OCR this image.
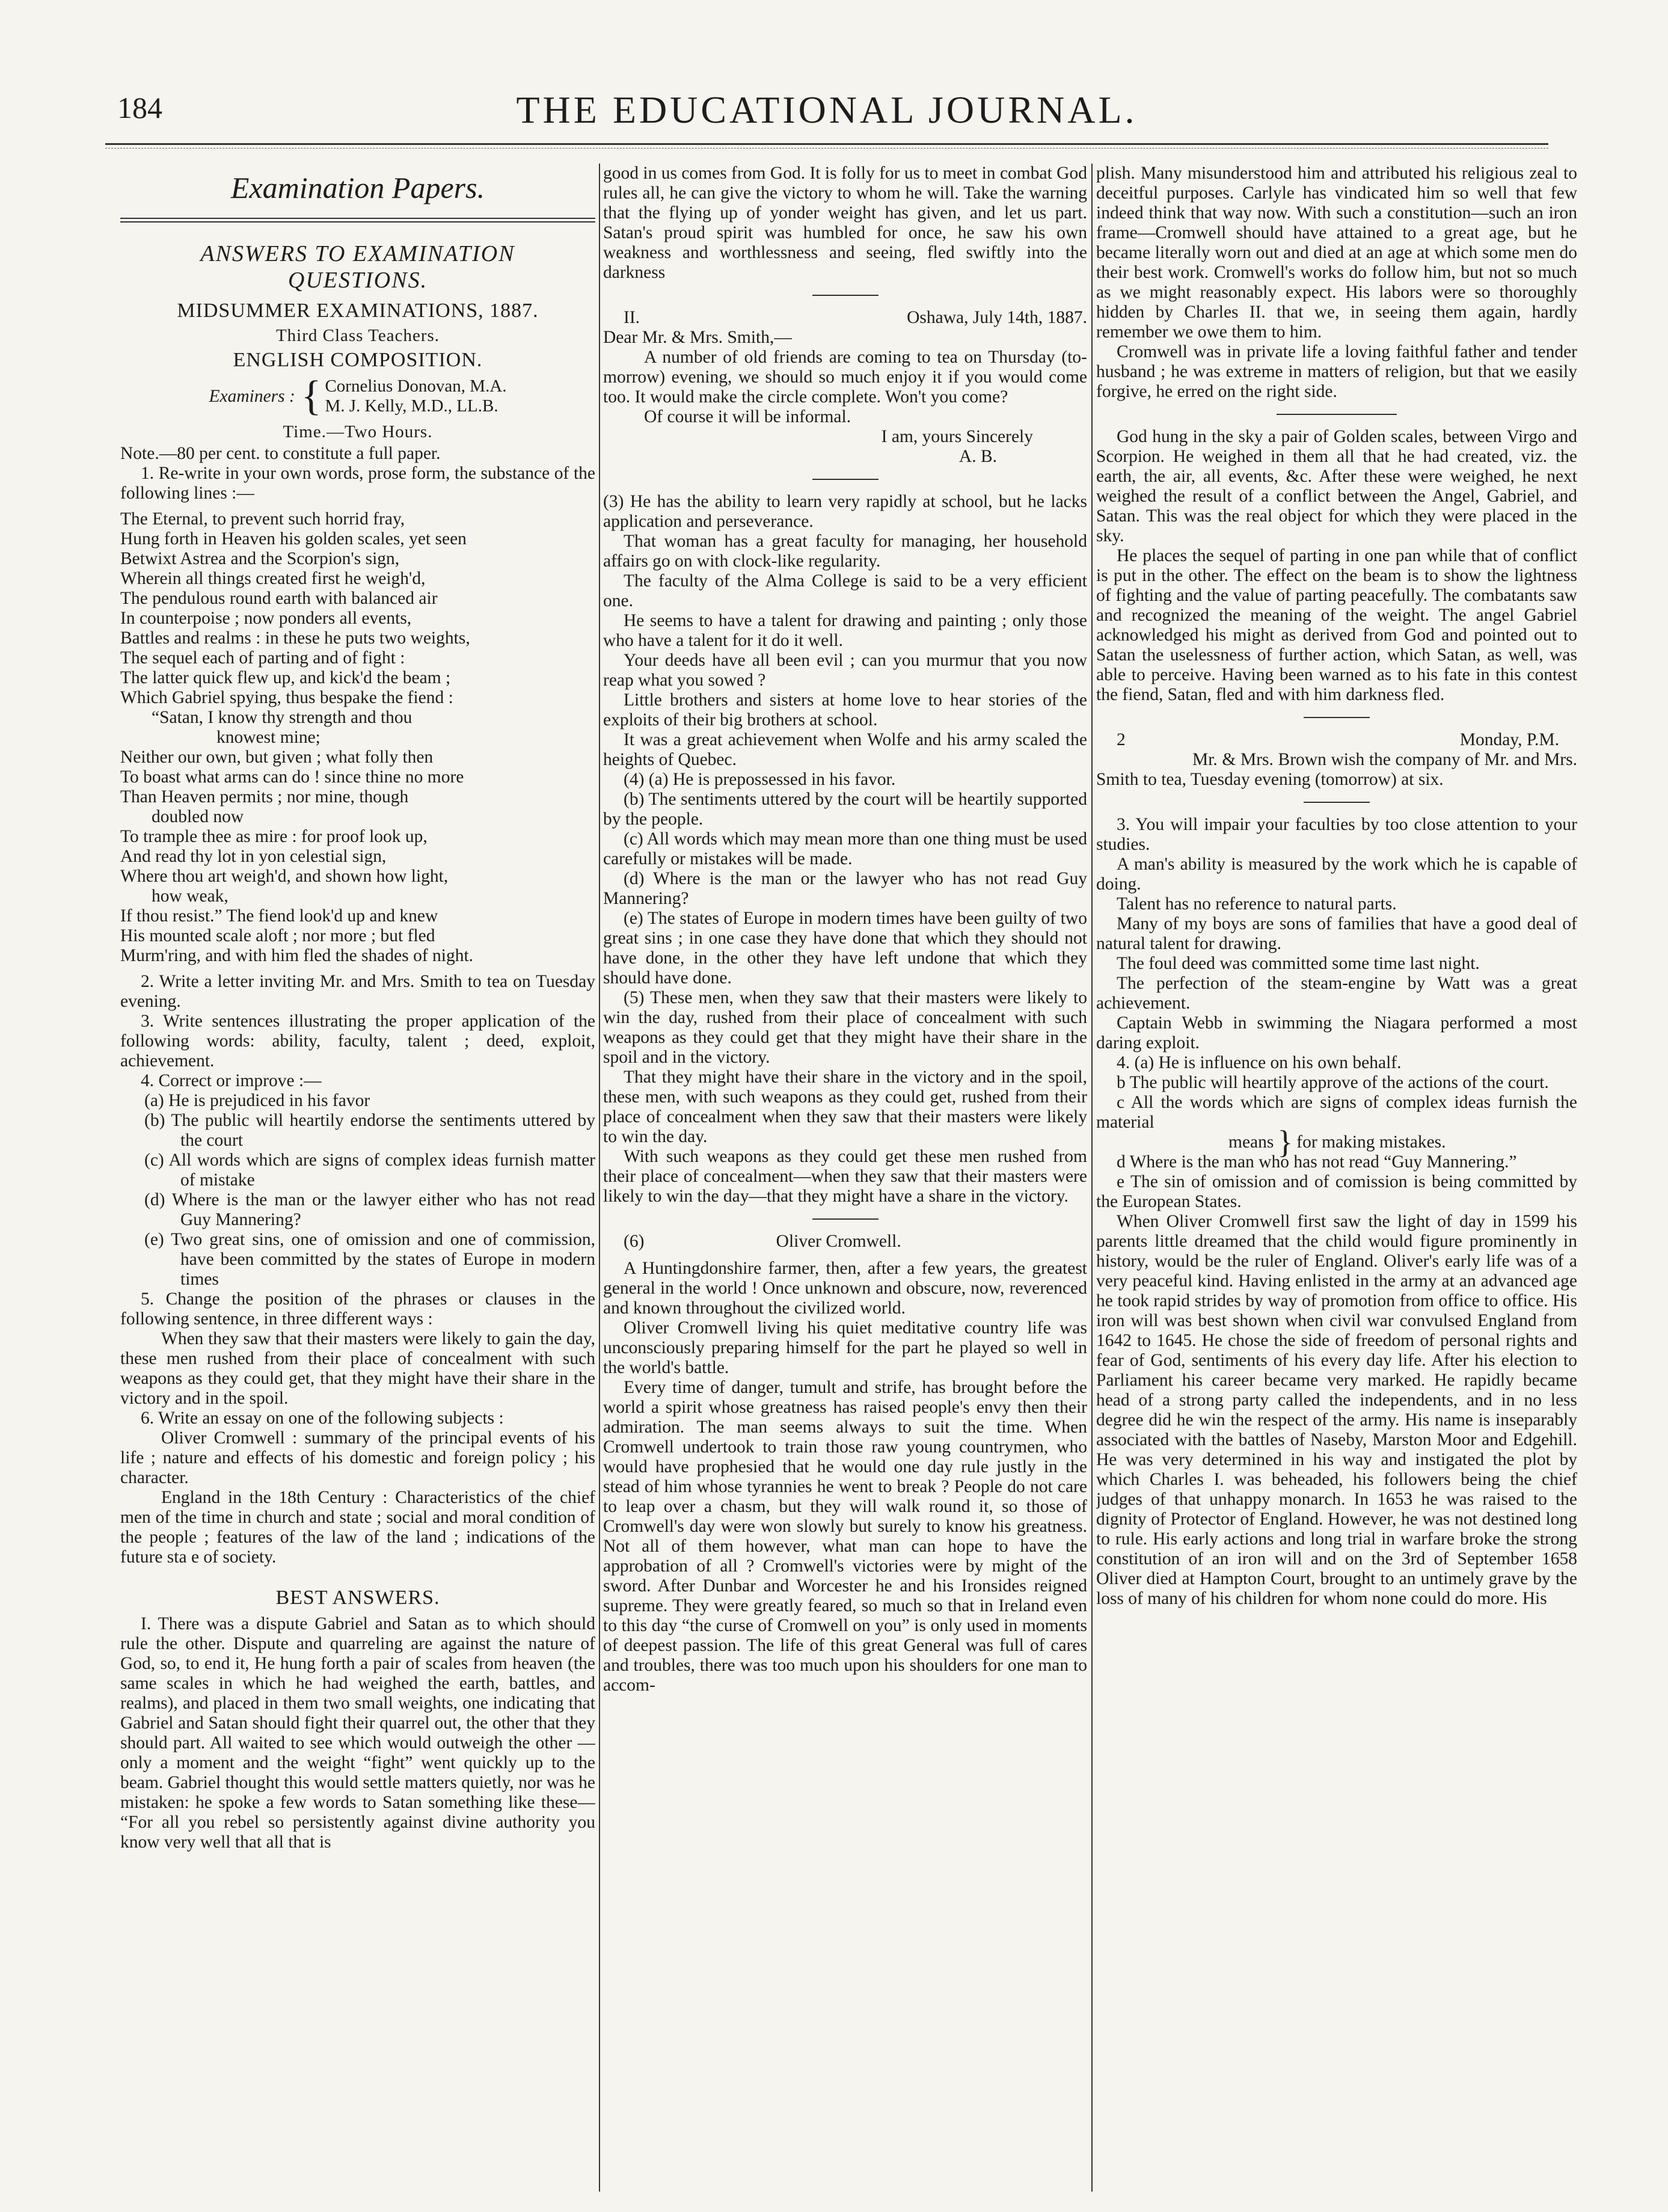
184	THE EDUCATIONAL JOURNAL.
Examination Papers.
ANSWERS TO EXAMINATION
QUESTIONS.
MIDSUMMER EXAMINATIONS, 1887.
Third Class Teachers.
ENGLISH COMPOSITION.
Examiners : { Cornelius Donovan, M.A.
M. J. Kelly, M.D., LL.B.
Time.—Two Hours.

Note.—80 per cent. to constitute a full paper.

1. Re-write in your own words, prose form, the substance of the following lines :—

The Eternal, to prevent such horrid fray,
Hung forth in Heaven his golden scales, yet seen
Betwixt Astrea and the Scorpion's sign,
Wherein all things created first he weigh'd,
The pendulous round earth with balanced air
In counterpoise ; now ponders all events,
Battles and realms : in these he puts two weights,
The sequel each of parting and of fight :
The latter quick flew up, and kick'd the beam ;
Which Gabriel spying, thus bespake the fiend :
“Satan, I know thy strength and thou
knowest mine;
Neither our own, but given ; what folly then
To boast what arms can do ! since thine no more
Than Heaven permits ; nor mine, though
doubled now
To trample thee as mire : for proof look up,
And read thy lot in yon celestial sign,
Where thou art weigh'd, and shown how light,
how weak,
If thou resist.” The fiend look'd up and knew
His mounted scale aloft ; nor more ; but fled
Murm'ring, and with him fled the shades of night.

2. Write a letter inviting Mr. and Mrs. Smith to tea on Tuesday evening.

3. Write sentences illustrating the proper application of the following words: ability, faculty, talent ; deed, exploit, achievement.

4. Correct or improve :—

(a) He is prejudiced in his favor

(b) The public will heartily endorse the sentiments uttered by the court

(c) All words which are signs of complex ideas furnish matter of mistake

(d) Where is the man or the lawyer either who has not read Guy Mannering?

(e) Two great sins, one of omission and one of commission, have been committed by the states of Europe in modern times

5. Change the position of the phrases or clauses in the following sentence, in three different ways :

When they saw that their masters were likely to gain the day, these men rushed from their place of concealment with such weapons as they could get, that they might have their share in the victory and in the spoil.

6. Write an essay on one of the following subjects :

Oliver Cromwell : summary of the principal events of his life ; nature and effects of his domestic and foreign policy ; his character.

England in the 18th Century : Characteristics of the chief men of the time in church and state ; social and moral condition of the people ; features of the law of the land ; indications of the future sta e of society.

BEST ANSWERS.

I. There was a dispute Gabriel and Satan as to which should rule the other. Dispute and quarreling are against the nature of God, so, to end it, He hung forth a pair of scales from heaven (the same scales in which he had weighed the earth, battles, and realms), and placed in them two small weights, one indicating that Gabriel and Satan should fight their quarrel out, the other that they should part. All waited to see which would outweigh the other —only a moment and the weight “fight” went quickly up to the beam. Gabriel thought this would settle matters quietly, nor was he mistaken: he spoke a few words to Satan something like these— “For all you rebel so persistently against divine authority you know very well that all that is

good in us comes from God. It is folly for us to meet in combat God rules all, he can give the victory to whom he will. Take the warning that the flying up of yonder weight has given, and let us part. Satan's proud spirit was humbled for once, he saw his own weakness and worthlessness and seeing, fled swiftly into the darkness

II.	Oshawa, July 14th, 1887.

Dear Mr. & Mrs. Smith,—

A number of old friends are coming to tea on Thursday (to-morrow) evening, we should so much enjoy it if you would come too. It would make the circle complete. Won't you come?

Of course it will be informal.

I am, yours Sincerely

A. B.

(3) He has the ability to learn very rapidly at school, but he lacks application and perseverance.

That woman has a great faculty for managing, her household affairs go on with clock-like regularity.

The faculty of the Alma College is said to be a very efficient one.

He seems to have a talent for drawing and painting ; only those who have a talent for it do it well.

Your deeds have all been evil ; can you murmur that you now reap what you sowed ?

Little brothers and sisters at home love to hear stories of the exploits of their big brothers at school.

It was a great achievement when Wolfe and his army scaled the heights of Quebec.

(4) (a) He is prepossessed in his favor.

(b) The sentiments uttered by the court will be heartily supported by the people.

(c) All words which may mean more than one thing must be used carefully or mistakes will be made.

(d) Where is the man or the lawyer who has not read Guy Mannering?

(e) The states of Europe in modern times have been guilty of two great sins ; in one case they have done that which they should not have done, in the other they have left undone that which they should have done.

(5) These men, when they saw that their masters were likely to win the day, rushed from their place of concealment with such weapons as they could get that they might have their share in the spoil and in the victory.

That they might have their share in the victory and in the spoil, these men, with such weapons as they could get, rushed from their place of concealment when they saw that their masters were likely to win the day.

With such weapons as they could get these men rushed from their place of concealment—when they saw that their masters were likely to win the day—that they might have a share in the victory.

(6)	Oliver Cromwell.

A Huntingdonshire farmer, then, after a few years, the greatest general in the world ! Once unknown and obscure, now, reverenced and known throughout the civilized world.

Oliver Cromwell living his quiet meditative country life was unconsciously preparing himself for the part he played so well in the world's battle.

Every time of danger, tumult and strife, has brought before the world a spirit whose greatness has raised people's envy then their admiration. The man seems always to suit the time. When Cromwell undertook to train those raw young countrymen, who would have prophesied that he would one day rule justly in the stead of him whose tyrannies he went to break ? People do not care to leap over a chasm, but they will walk round it, so those of Cromwell's day were won slowly but surely to know his greatness. Not all of them however, what man can hope to have the approbation of all ? Cromwell's victories were by might of the sword. After Dunbar and Worcester he and his Ironsides reigned supreme. They were greatly feared, so much so that in Ireland even to this day “the curse of Cromwell on you” is only used in moments of deepest passion. The life of this great General was full of cares and troubles, there was too much upon his shoulders for one man to accom-

plish. Many misunderstood him and attributed his religious zeal to deceitful purposes. Carlyle has vindicated him so well that few indeed think that way now. With such a constitution—such an iron frame—Cromwell should have attained to a great age, but he became literally worn out and died at an age at which some men do their best work. Cromwell's works do follow him, but not so much as we might reasonably expect. His labors were so thoroughly hidden by Charles II. that we, in seeing them again, hardly remember we owe them to him.

Cromwell was in private life a loving faithful father and tender husband ; he was extreme in matters of religion, but that we easily forgive, he erred on the right side.

God hung in the sky a pair of Golden scales, between Virgo and Scorpion. He weighed in them all that he had created, viz. the earth, the air, all events, &c. After these were weighed, he next weighed the result of a conflict between the Angel, Gabriel, and Satan. This was the real object for which they were placed in the sky.

He places the sequel of parting in one pan while that of conflict is put in the other. The effect on the beam is to show the lightness of fighting and the value of parting peacefully. The combatants saw and recognized the meaning of the weight. The angel Gabriel acknowledged his might as derived from God and pointed out to Satan the uselessness of further action, which Satan, as well, was able to perceive. Having been warned as to his fate in this contest the fiend, Satan, fled and with him darkness fled.

2	Monday, P.M.

Mr. & Mrs. Brown wish the company of Mr. and Mrs. Smith to tea, Tuesday evening (tomorrow) at six.

3. You will impair your faculties by too close attention to your studies.

A man's ability is measured by the work which he is capable of doing.

Talent has no reference to natural parts.

Many of my boys are sons of families that have a good deal of natural talent for drawing.

The foul deed was committed some time last night.

The perfection of the steam-engine by Watt was a great achievement.

Captain Webb in swimming the Niagara performed a most daring exploit.

4. (a) He is influence on his own behalf.

b The public will heartily approve of the actions of the court.

c All the words which are signs of complex ideas furnish the material

means } for making mistakes.

d Where is the man who has not read “Guy Mannering.”

e The sin of omission and of comission is being committed by the European States.

When Oliver Cromwell first saw the light of day in 1599 his parents little dreamed that the child would figure prominently in history, would be the ruler of England. Oliver's early life was of a very peaceful kind. Having enlisted in the army at an advanced age he took rapid strides by way of promotion from office to office. His iron will was best shown when civil war convulsed England from 1642 to 1645. He chose the side of freedom of personal rights and fear of God, sentiments of his every day life. After his election to Parliament his career became very marked. He rapidly became head of a strong party called the independents, and in no less degree did he win the respect of the army. His name is inseparably associated with the battles of Naseby, Marston Moor and Edgehill. He was very determined in his way and instigated the plot by which Charles I. was beheaded, his followers being the chief judges of that unhappy monarch. In 1653 he was raised to the dignity of Protector of England. However, he was not destined long to rule. His early actions and long trial in warfare broke the strong constitution of an iron will and on the 3rd of September 1658 Oliver died at Hampton Court, brought to an untimely grave by the loss of many of his children for whom none could do more. His
